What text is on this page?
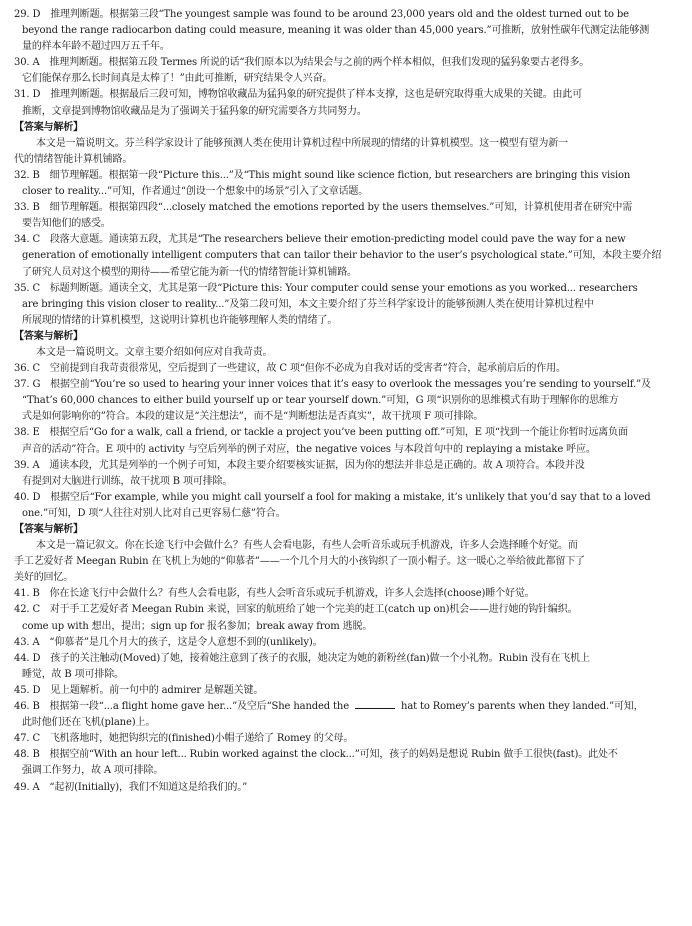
29. D　推理判断题。根据第三段“The youngest sample was found to be around 23,000 years old and the oldest turned out to be
beyond the range radiocarbon dating could measure, meaning it was older than 45,000 years.”可推断，放射性碳年代测定法能够测
量的样本年龄不超过四万五千年。
30. A　推理判断题。根据第五段 Termes 所说的话“我们原本以为结果会与之前的两个样本相似，但我们发现的猛犸象要古老得多。
它们能保存那么长时间真是太棒了！”由此可推断，研究结果令人兴奋。
31. D　推理判断题。根据最后三段可知，博物馆收藏品为猛犸象的研究提供了样本支撑，这也是研究取得重大成果的关键。由此可
推断，文章提到博物馆收藏品是为了强调关于猛犸象的研究需要各方共同努力。
【答案与解析】
本文是一篇说明文。芬兰科学家设计了能够预测人类在使用计算机过程中所展现的情绪的计算机模型。这一模型有望为新一
代的情绪智能计算机铺路。
32. B　细节理解题。根据第一段“Picture this...”及“This might sound like science fiction, but researchers are bringing this vision
closer to reality...”可知，作者通过“创设一个想象中的场景”引入了文章话题。
33. B　细节理解题。根据第四段“...closely matched the emotions reported by the users themselves.”可知，计算机使用者在研究中需
要告知他们的感受。
34. C　段落大意题。通读第五段，尤其是“The researchers believe their emotion-predicting model could pave the way for a new
generation of emotionally intelligent computers that can tailor their behavior to the user’s psychological state.”可知，本段主要介绍
了研究人员对这个模型的期待——希望它能为新一代的情绪智能计算机铺路。
35. C　标题判断题。通读全文，尤其是第一段“Picture this: Your computer could sense your emotions as you worked... researchers
are bringing this vision closer to reality...”及第二段可知，本文主要介绍了芬兰科学家设计的能够预测人类在使用计算机过程中
所展现的情绪的计算机模型，这说明计算机也许能够理解人类的情绪了。
【答案与解析】
本文是一篇说明文。文章主要介绍如何应对自我苛责。
36. C　空前提到自我苛责很常见，空后提到了一些建议，故 C 项“但你不必成为自我对话的受害者”符合，起承前启后的作用。
37. G　根据空前“You’re so used to hearing your inner voices that it’s easy to overlook the messages you’re sending to yourself.”及
“That’s 60,000 chances to either build yourself up or tear yourself down.”可知，G 项“识别你的思维模式有助于理解你的思维方
式是如何影响你的”符合。本段的建议是“关注想法”，而不是“判断想法是否真实”，故干扰项 F 项可排除。
38. E　根据空后“Go for a walk, call a friend, or tackle a project you’ve been putting off.”可知，E 项“找到一个能让你暂时远离负面
声音的活动”符合。E 项中的 activity 与空后列举的例子对应，the negative voices 与本段首句中的 replaying a mistake 呼应。
39. A　通读本段，尤其是列举的一个例子可知，本段主要介绍要核实证据，因为你的想法并非总是正确的。故 A 项符合。本段并没
有提到对大脑进行训练，故干扰项 B 项可排除。
40. D　根据空后“For example, while you might call yourself a fool for making a mistake, it’s unlikely that you’d say that to a loved
one.”可知，D 项“人往往对别人比对自己更容易仁慈”符合。
【答案与解析】
本文是一篇记叙文。你在长途飞行中会做什么？有些人会看电影，有些人会听音乐或玩手机游戏，许多人会选择睡个好觉。而
手工艺爱好者 Meegan Rubin 在飞机上为她的“仰慕者”——一个几个月大的小孩钩织了一顶小帽子。这一暖心之举给彼此都留下了
美好的回忆。
41. B　你在长途飞行中会做什么？有些人会看电影，有些人会听音乐或玩手机游戏，许多人会选择(choose)睡个好觉。
42. C　对于手工艺爱好者 Meegan Rubin 来说，回家的航班给了她一个完美的赶工(catch up on)机会——进行她的钩针编织。
come up with 想出，提出；sign up for 报名参加；break away from 逃脱。
43. A　“仰慕者”是几个月大的孩子，这是令人意想不到的(unlikely)。
44. D　孩子的关注触动(Moved)了她，接着她注意到了孩子的衣服，她决定为她的新粉丝(fan)做一个小礼物。Rubin 没有在飞机上
睡觉，故 B 项可排除。
45. D　见上题解析。前一句中的 admirer 是解题关键。
46. B　根据第一段“...a flight home gave her...”及空后“She handed the	hat to Romey’s parents when they landed.”可知，
此时他们还在飞机(plane)上。
47. C　飞机落地时，她把钩织完的(finished)小帽子递给了 Romey 的父母。
48. B　根据空前“With an hour left... Rubin worked against the clock...”可知，孩子的妈妈是想说 Rubin 做手工很快(fast)。此处不
强调工作努力，故 A 项可排除。
49. A　“起初(Initially)，我们不知道这是给我们的。”
